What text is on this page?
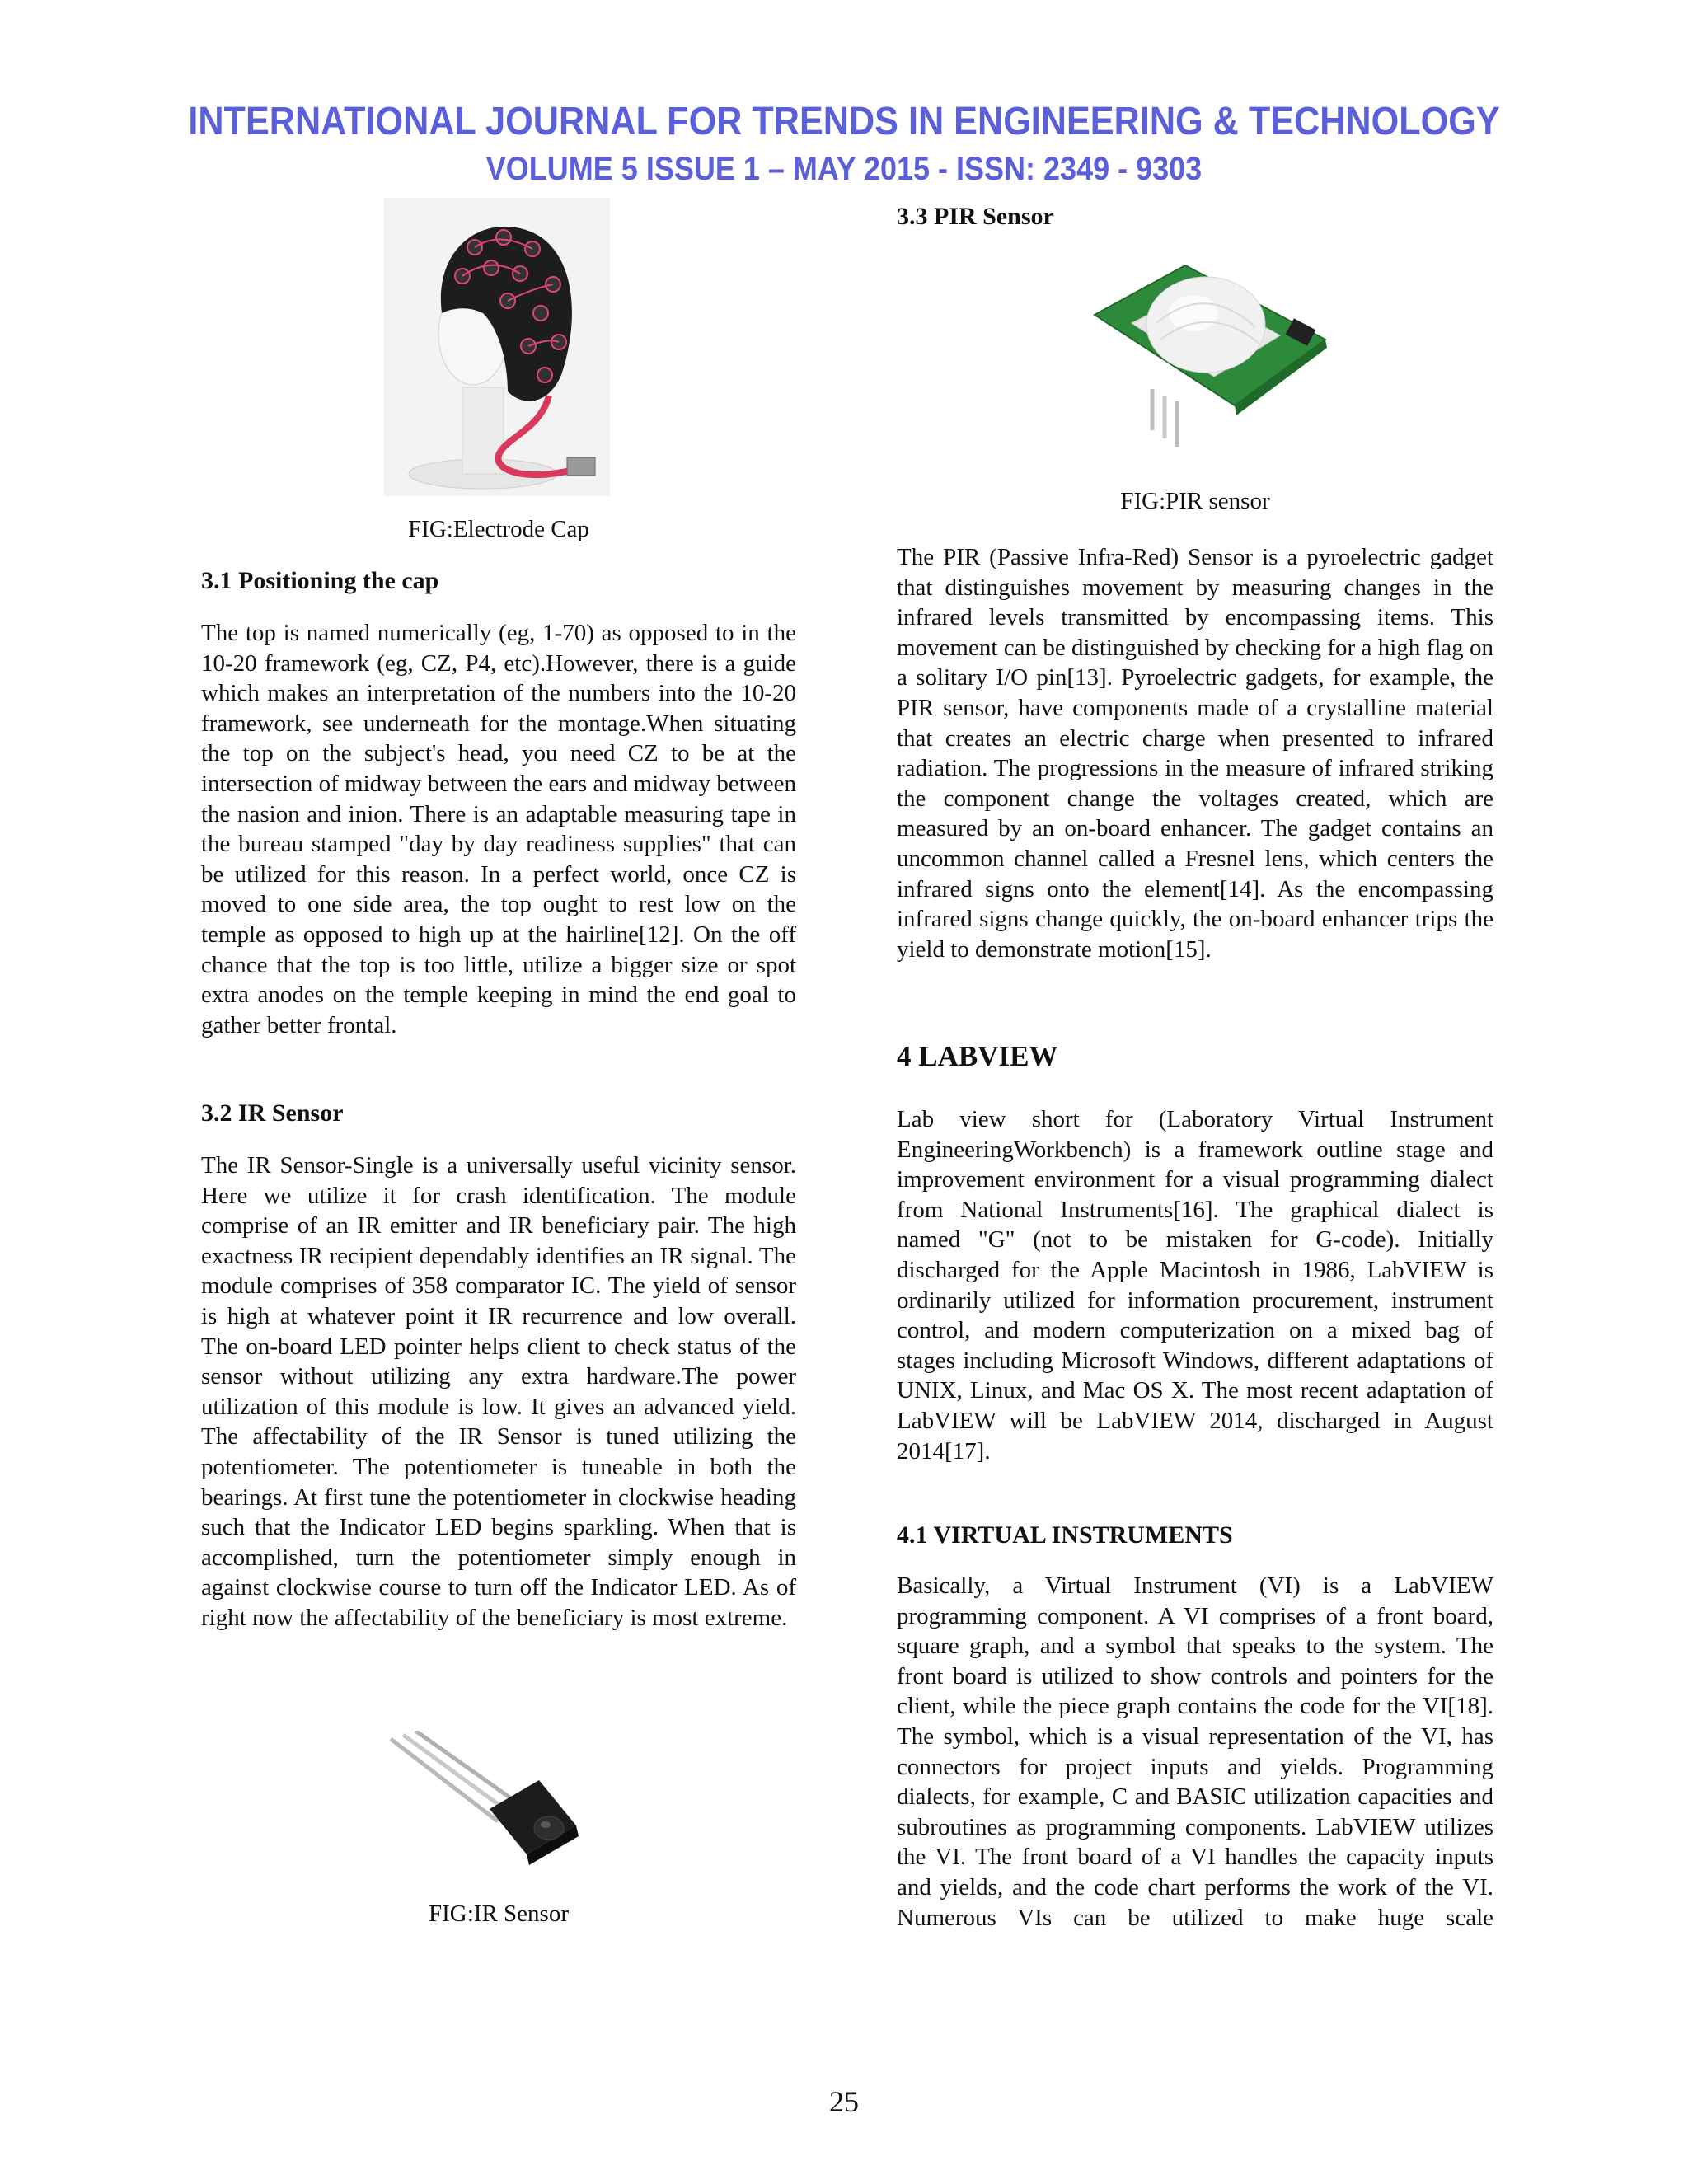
INTERNATIONAL JOURNAL FOR TRENDS IN ENGINEERING & TECHNOLOGY
VOLUME 5 ISSUE 1 – MAY 2015 - ISSN: 2349 - 9303
FIG:Electrode Cap
3.1 Positioning the cap

The top is named numerically (eg, 1-70) as opposed to in the 10-20 framework (eg, CZ, P4, etc).However, there is a guide which makes an interpretation of the numbers into the 10-20 framework, see underneath for the montage.When situating the top on the subject's head, you need CZ to be at the intersection of midway between the ears and midway between the nasion and inion. There is an adaptable measuring tape in the bureau stamped "day by day readiness supplies" that can be utilized for this reason. In a perfect world, once CZ is moved to one side area, the top ought to rest low on the temple as opposed to high up at the hairline[12]. On the off chance that the top is too little, utilize a bigger size or spot extra anodes on the temple keeping in mind the end goal to gather better frontal.

3.2 IR Sensor

The IR Sensor-Single is a universally useful vicinity sensor. Here we utilize it for crash identification. The module comprise of an IR emitter and IR beneficiary pair. The high exactness IR recipient dependably identifies an IR signal. The module comprises of 358 comparator IC. The yield of sensor is high at whatever point it IR recurrence and low overall. The on-board LED pointer helps client to check status of the sensor without utilizing any extra hardware.The power utilization of this module is low. It gives an advanced yield. The affectability of the IR Sensor is tuned utilizing the potentiometer. The potentiometer is tuneable in both the bearings. At first tune the potentiometer in clockwise heading such that the Indicator LED begins sparkling. When that is accomplished, turn the potentiometer simply enough in against clockwise course to turn off the Indicator LED. As of right now the affectability of the beneficiary is most extreme.

FIG:IR Sensor
3.3 PIR Sensor
FIG:PIR sensor

The PIR (Passive Infra-Red) Sensor is a pyroelectric gadget that distinguishes movement by measuring changes in the infrared levels transmitted by encompassing items. This movement can be distinguished by checking for a high flag on a solitary I/O pin[13]. Pyroelectric gadgets, for example, the PIR sensor, have components made of a crystalline material that creates an electric charge when presented to infrared radiation. The progressions in the measure of infrared striking the component change the voltages created, which are measured by an on-board enhancer. The gadget contains an uncommon channel called a Fresnel lens, which centers the infrared signs onto the element[14]. As the encompassing infrared signs change quickly, the on-board enhancer trips the yield to demonstrate motion[15].

4 LABVIEW

Lab view short for (Laboratory Virtual Instrument EngineeringWorkbench) is a framework outline stage and improvement environment for a visual programming dialect from National Instruments[16]. The graphical dialect is named "G" (not to be mistaken for G-code). Initially discharged for the Apple Macintosh in 1986, LabVIEW is ordinarily utilized for information procurement, instrument control, and modern computerization on a mixed bag of stages including Microsoft Windows, different adaptations of UNIX, Linux, and Mac OS X. The most recent adaptation of LabVIEW will be LabVIEW 2014, discharged in August 2014[17].

4.1 VIRTUAL INSTRUMENTS

Basically, a Virtual Instrument (VI) is a LabVIEW programming component. A VI comprises of a front board, square graph, and a symbol that speaks to the system. The front board is utilized to show controls and pointers for the client, while the piece graph contains the code for the VI[18]. The symbol, which is a visual representation of the VI, has connectors for project inputs and yields. Programming dialects, for example, C and BASIC utilization capacities and subroutines as programming components. LabVIEW utilizes the VI. The front board of a VI handles the capacity inputs and yields, and the code chart performs the work of the VI. Numerous VIs can be utilized to make huge scale

25
